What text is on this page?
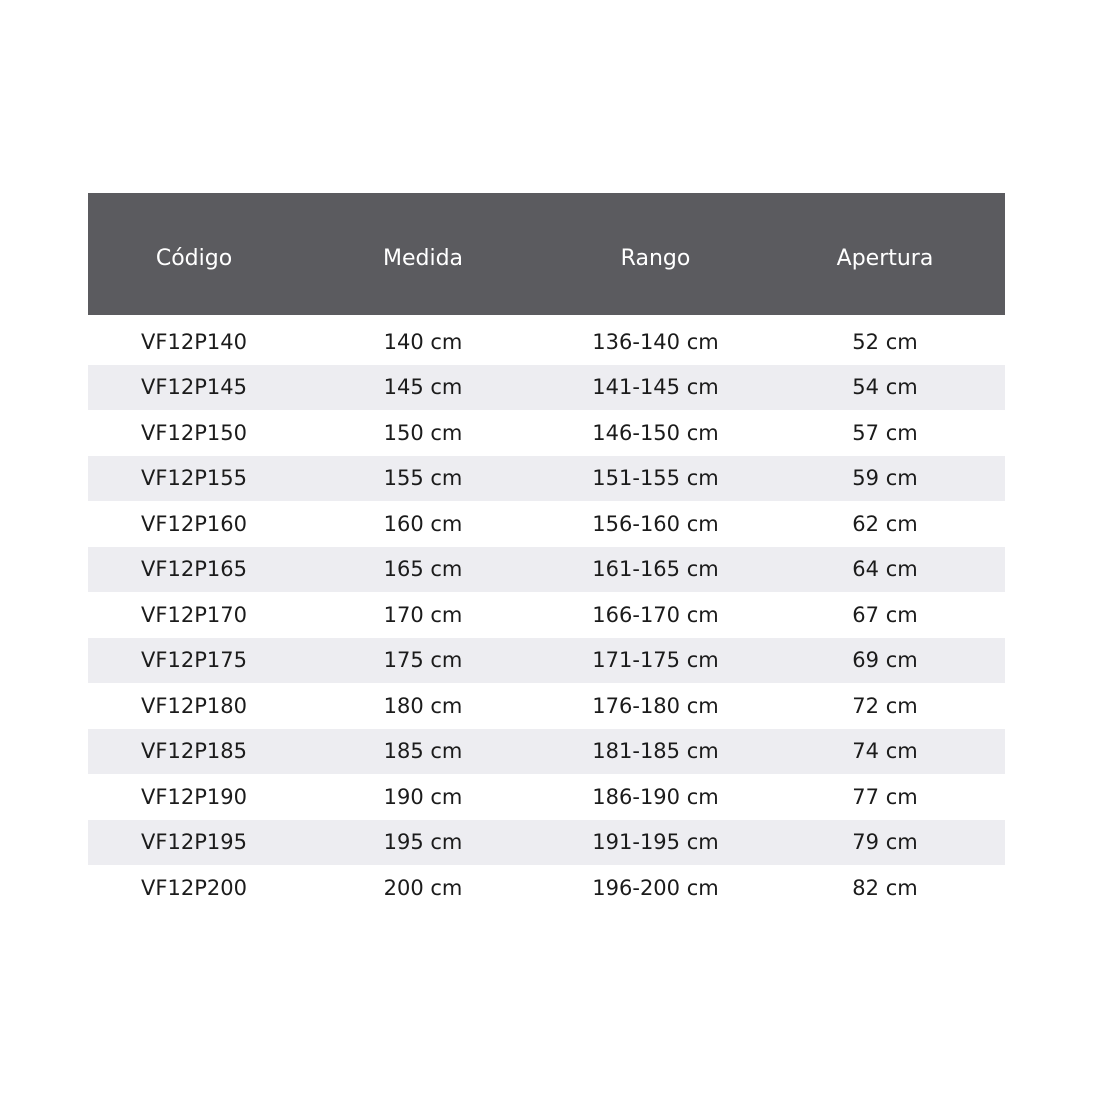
Código	Medida	Rango	Apertura
VF12P140	140 cm	136-140 cm	52 cm
VF12P145	145 cm	141-145 cm	54 cm
VF12P150	150 cm	146-150 cm	57 cm
VF12P155	155 cm	151-155 cm	59 cm
VF12P160	160 cm	156-160 cm	62 cm
VF12P165	165 cm	161-165 cm	64 cm
VF12P170	170 cm	166-170 cm	67 cm
VF12P175	175 cm	171-175 cm	69 cm
VF12P180	180 cm	176-180 cm	72 cm
VF12P185	185 cm	181-185 cm	74 cm
VF12P190	190 cm	186-190 cm	77 cm
VF12P195	195 cm	191-195 cm	79 cm
VF12P200	200 cm	196-200 cm	82 cm
